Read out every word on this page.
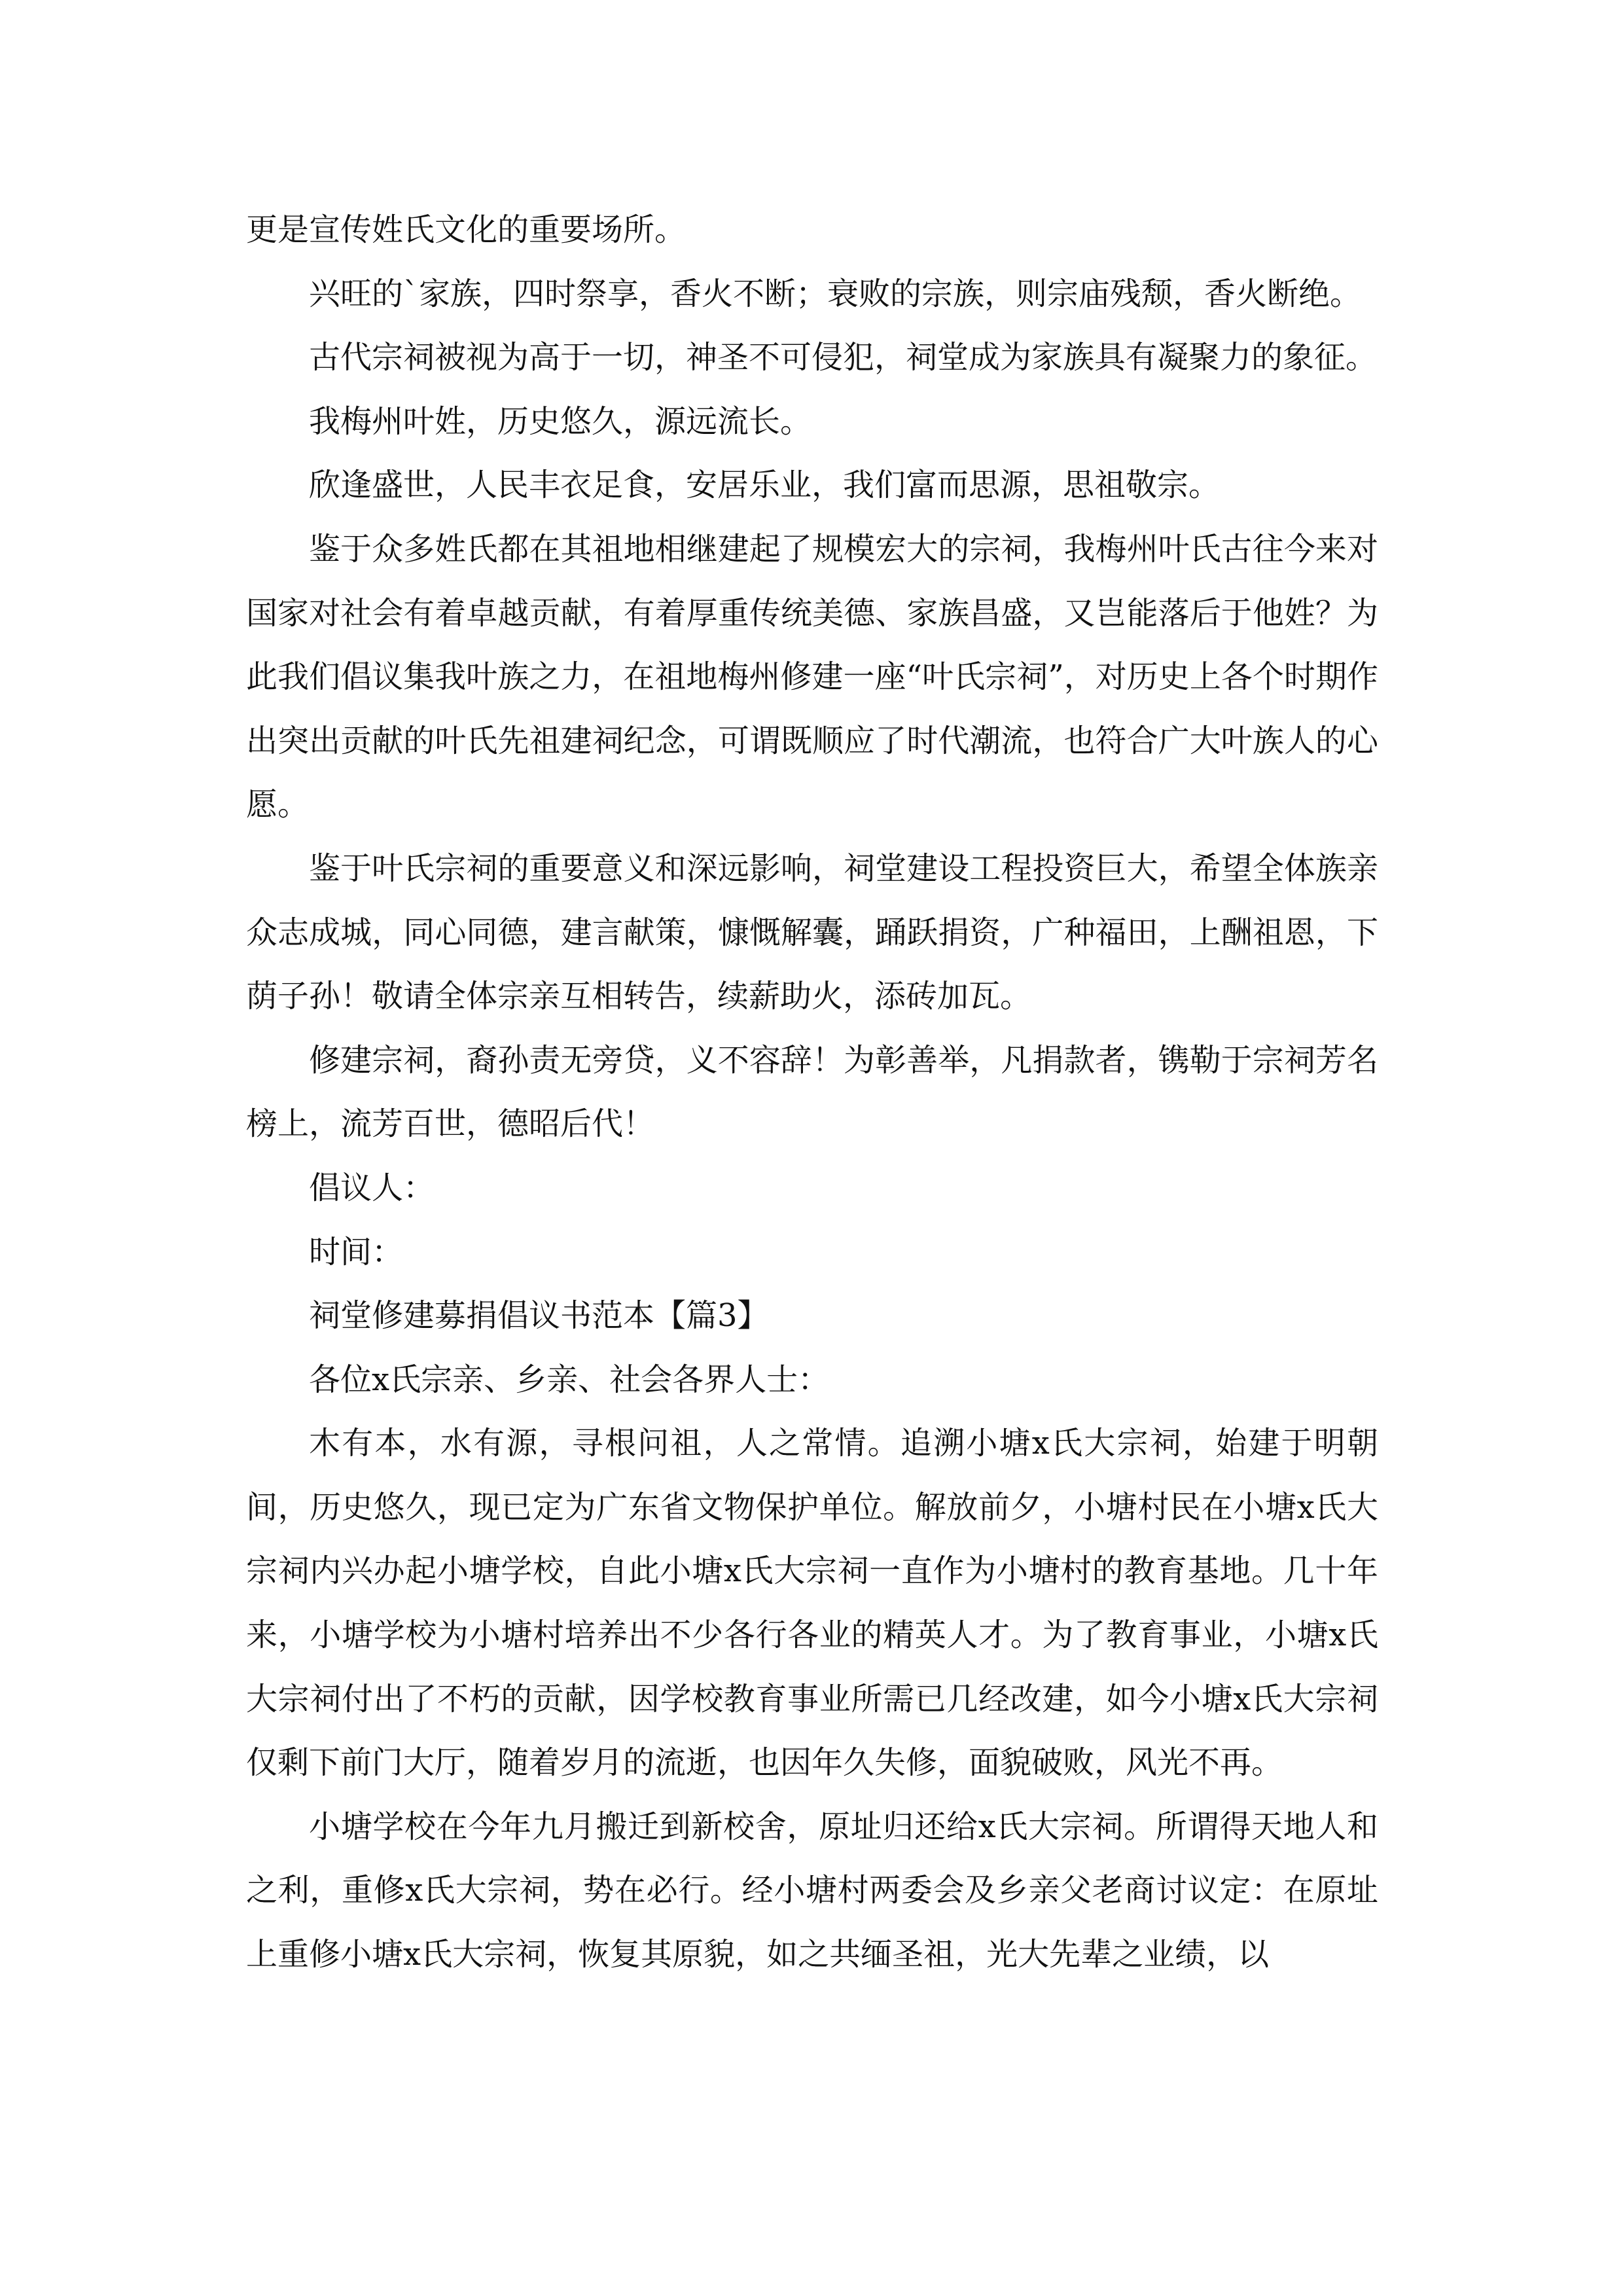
更是宣传姓氏文化的重要场所。

兴旺的`家族，四时祭享，香火不断；衰败的宗族，则宗庙残颓，香火断绝。

古代宗祠被视为高于一切，神圣不可侵犯，祠堂成为家族具有凝聚力的象征。

我梅州叶姓，历史悠久，源远流长。

欣逢盛世，人民丰衣足食，安居乐业，我们富而思源，思祖敬宗。

鉴于众多姓氏都在其祖地相继建起了规模宏大的宗祠，我梅州叶氏古往今来对国家对社会有着卓越贡献，有着厚重传统美德、家族昌盛，又岂能落后于他姓？为此我们倡议集我叶族之力，在祖地梅州修建一座“叶氏宗祠”，对历史上各个时期作出突出贡献的叶氏先祖建祠纪念，可谓既顺应了时代潮流，也符合广大叶族人的心愿。

鉴于叶氏宗祠的重要意义和深远影响，祠堂建设工程投资巨大，希望全体族亲众志成城，同心同德，建言献策，慷慨解囊，踊跃捐资，广种福田，上酬祖恩，下荫子孙！敬请全体宗亲互相转告，续薪助火，添砖加瓦。

修建宗祠，裔孙责无旁贷，义不容辞！为彰善举，凡捐款者，镌勒于宗祠芳名榜上，流芳百世，德昭后代！

倡议人：

时间：

祠堂修建募捐倡议书范本【篇3】

各位x氏宗亲、乡亲、社会各界人士：

木有本，水有源，寻根问祖，人之常情。追溯小塘x氏大宗祠，始建于明朝间，历史悠久，现已定为广东省文物保护单位。解放前夕，小塘村民在小塘x氏大宗祠内兴办起小塘学校，自此小塘x氏大宗祠一直作为小塘村的教育基地。几十年来，小塘学校为小塘村培养出不少各行各业的精英人才。为了教育事业，小塘x氏大宗祠付出了不朽的贡献，因学校教育事业所需已几经改建，如今小塘x氏大宗祠仅剩下前门大厅，随着岁月的流逝，也因年久失修，面貌破败，风光不再。

小塘学校在今年九月搬迁到新校舍，原址归还给x氏大宗祠。所谓得天地人和之利，重修x氏大宗祠，势在必行。经小塘村两委会及乡亲父老商讨议定：在原址上重修小塘x氏大宗祠，恢复其原貌，如之共缅圣祖，光大先辈之业绩，以
